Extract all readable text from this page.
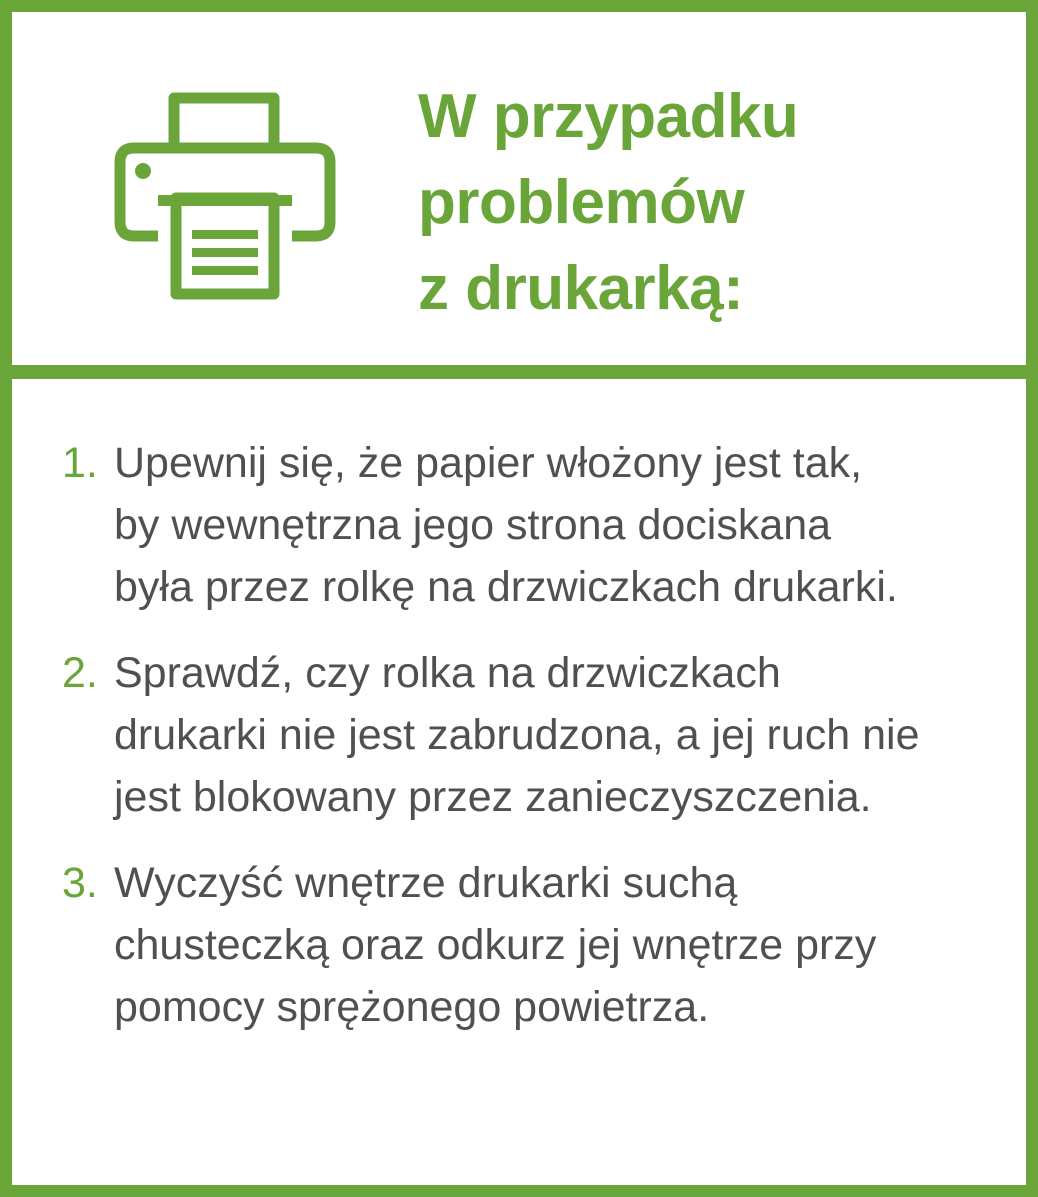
W przypadku
problemów
z drukarką:
1. Upewnij się, że papier włożony jest tak,
by wewnętrzna jego strona dociskana
była przez rolkę na drzwiczkach drukarki.
2. Sprawdź, czy rolka na drzwiczkach
drukarki nie jest zabrudzona, a jej ruch nie
jest blokowany przez zanieczyszczenia.
3. Wyczyść wnętrze drukarki suchą
chusteczką oraz odkurz jej wnętrze przy
pomocy sprężonego powietrza.
